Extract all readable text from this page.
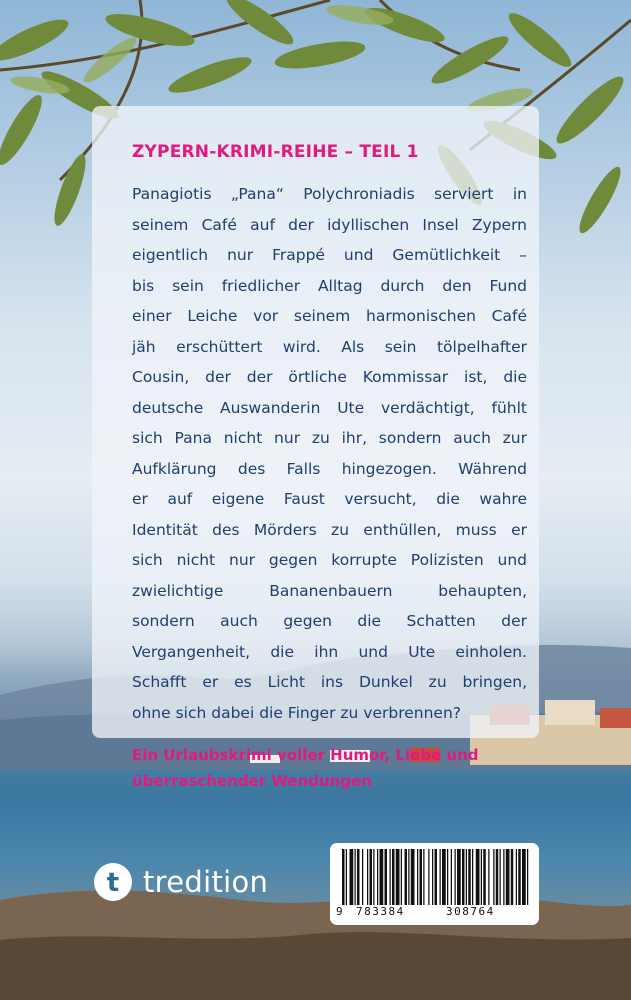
ZYPERN-KRIMI-REIHE – TEIL 1

Panagiotis „Pana“ Polychroniadis serviert in

seinem Café auf der idyllischen Insel Zypern

eigentlich nur Frappé und Gemütlichkeit –

bis sein friedlicher Alltag durch den Fund

einer Leiche vor seinem harmonischen Café

jäh erschüttert wird. Als sein tölpelhafter

Cousin, der der örtliche Kommissar ist, die

deutsche Auswanderin Ute verdächtigt, fühlt

sich Pana nicht nur zu ihr, sondern auch zur

Aufklärung des Falls hingezogen. Während

er auf eigene Faust versucht, die wahre

Identität des Mörders zu enthüllen, muss er

sich nicht nur gegen korrupte Polizisten und

zwielichtige Bananenbauern behaupten,

sondern auch gegen die Schatten der

Vergangenheit, die ihn und Ute einholen.

Schafft er es Licht ins Dunkel zu bringen,

ohne sich dabei die Finger zu verbrennen?

Ein Urlaubskrimi voller Humor, Liebe und
überraschender Wendungen
t tredition
9 783384	308764
